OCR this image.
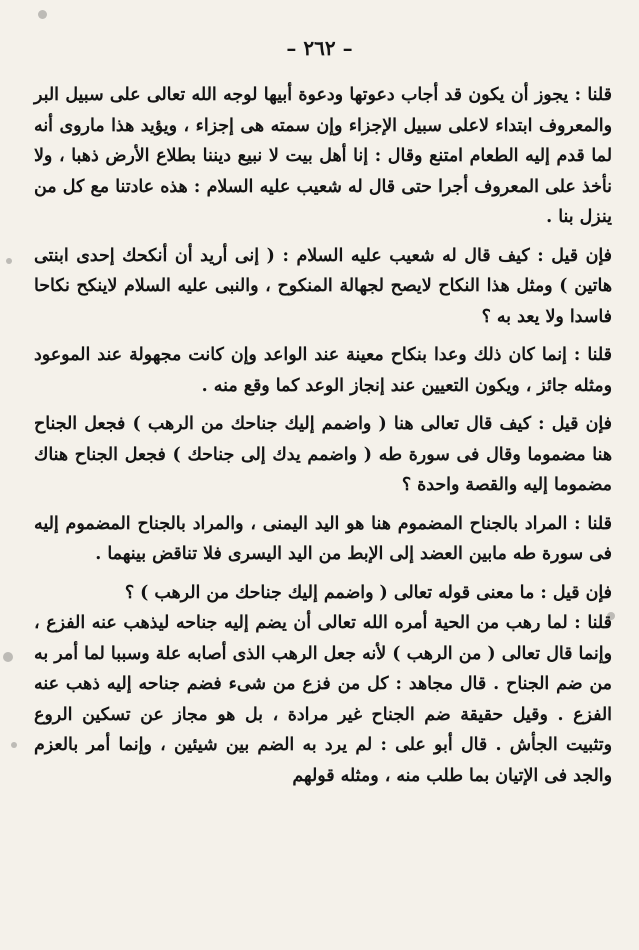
– ٢٦٢ –

قلنا : يجوز أن يكون قد أجاب دعوتها ودعوة أبيها لوجه الله تعالى على سبيل البر والمعروف ابتداء لاعلى سبيل الإجزاء وإن سمته هى إجزاء ، ويؤيد هذا ماروى أنه لما قدم إليه الطعام امتنع وقال : إنا أهل بيت لا نبيع ديننا بطلاع الأرض ذهبا ، ولا نأخذ على المعروف أجرا حتى قال له شعيب عليه السلام : هذه عادتنا مع كل من ينزل بنا .

فإن قيل : كيف قال له شعيب عليه السلام : ( إنى أريد أن أنكحك إحدى ابنتى هاتين ) ومثل هذا النكاح لايصح لجهالة المنكوح ، والنبى عليه السلام لاينكح نكاحا فاسدا ولا يعد به ؟

قلنا : إنما كان ذلك وعدا بنكاح معينة عند الواعد وإن كانت مجهولة عند الموعود ومثله جائز ، ويكون التعيين عند إنجاز الوعد كما وقع منه .

فإن قيل : كيف قال تعالى هنا ( واضمم إليك جناحك من الرهب ) فجعل الجناح هنا مضموما وقال فى سورة طه ( واضمم يدك إلى جناحك ) فجعل الجناح هناك مضموما إليه والقصة واحدة ؟

قلنا : المراد بالجناح المضموم هنا هو اليد اليمنى ، والمراد بالجناح المضموم إليه فى سورة طه مابين العضد إلى الإبط من اليد اليسرى فلا تناقض بينهما .

فإن قيل : ما معنى قوله تعالى ( واضمم إليك جناحك من الرهب ) ؟

قلنا : لما رهب من الحية أمره الله تعالى أن يضم إليه جناحه ليذهب عنه الفزع ، وإنما قال تعالى ( من الرهب ) لأنه جعل الرهب الذى أصابه علة وسببا لما أمر به من ضم الجناح . قال مجاهد : كل من فزع من شىء فضم جناحه إليه ذهب عنه الفزع . وقيل حقيقة ضم الجناح غير مرادة ، بل هو مجاز عن تسكين الروع وتثبيت الجأش . قال أبو على : لم يرد به الضم بين شيئين ، وإنما أمر بالعزم والجد فى الإتيان بما طلب منه ، ومثله قولهم
